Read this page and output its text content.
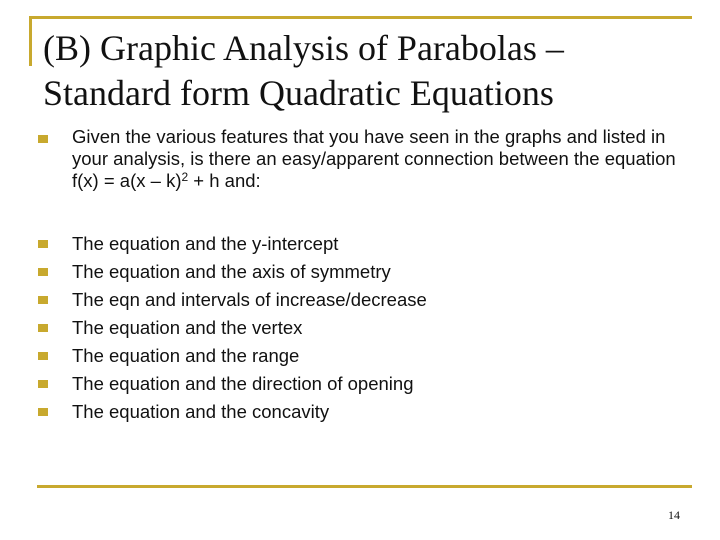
(B) Graphic Analysis of Parabolas –
Standard form Quadratic Equations
Given the various features that you have seen in the graphs and listed in your analysis, is there an easy/apparent connection between the equation f(x) = a(x – k)$^2$ + h and:
The equation and the y-intercept
The equation and the axis of symmetry
The eqn and intervals of increase/decrease
The equation and the vertex
The equation and the range
The equation and the direction of opening
The equation and the concavity
14
